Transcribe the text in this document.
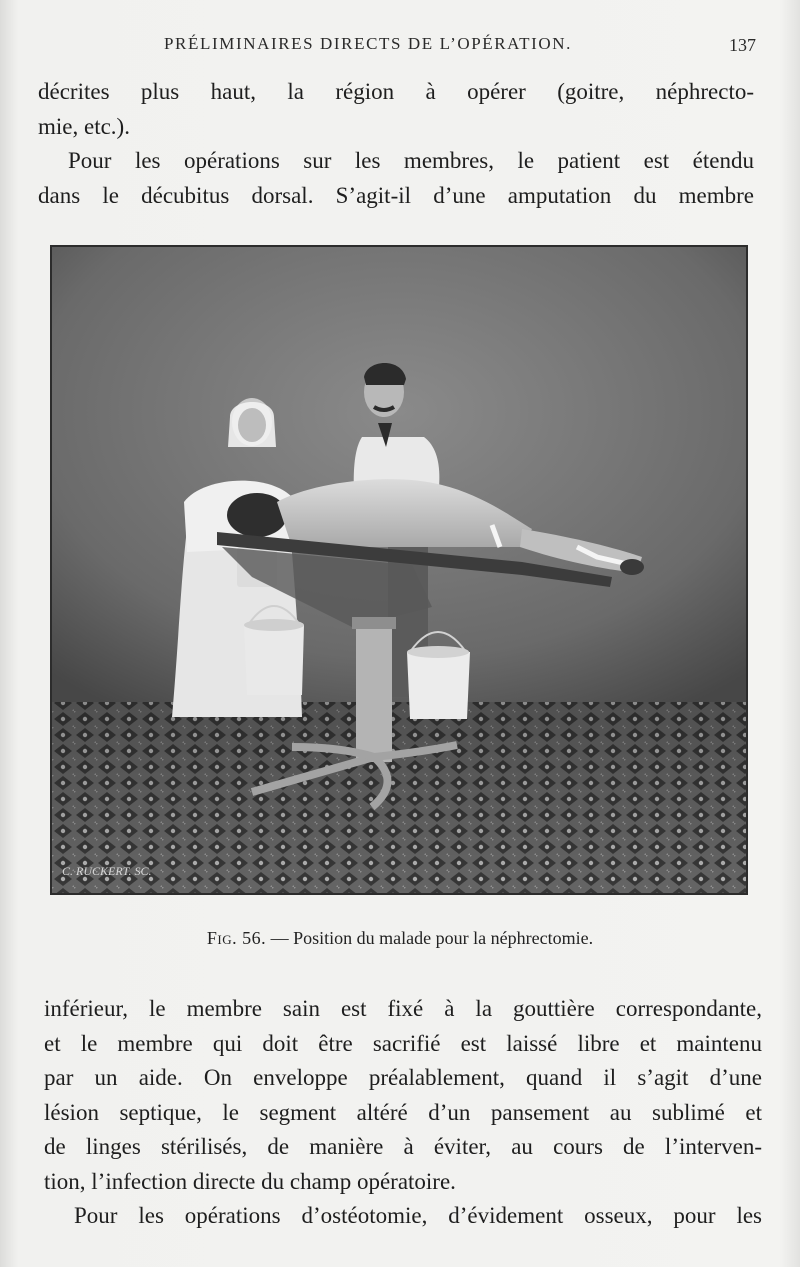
PRÉLIMINAIRES DIRECTS DE L’OPÉRATION.	137

décrites plus haut, la région à opérer (goitre, néphrecto-

mie, etc.).

Pour les opérations sur les membres, le patient est étendu

dans le décubitus dorsal. S’agit-il d’une amputation du membre

C. RUCKERT. SC.
Fig. 56. — Position du malade pour la néphrectomie.

inférieur, le membre sain est fixé à la gouttière correspondante,

et le membre qui doit être sacrifié est laissé libre et maintenu

par un aide. On enveloppe préalablement, quand il s’agit d’une

lésion septique, le segment altéré d’un pansement au sublimé et

de linges stérilisés, de manière à éviter, au cours de l’interven-

tion, l’infection directe du champ opératoire.

Pour les opérations d’ostéotomie, d’évidement osseux, pour les
